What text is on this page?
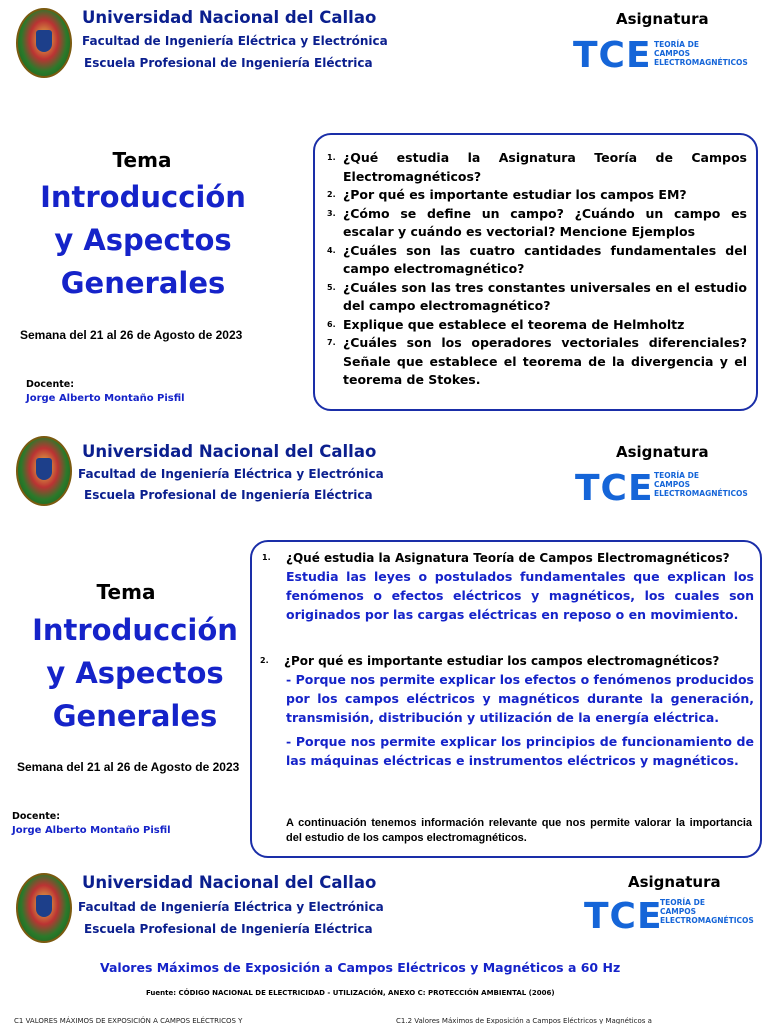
Universidad Nacional del Callao
Facultad de Ingeniería Eléctrica y Electrónica
Escuela Profesional de Ingeniería Eléctrica
Asignatura
TCE TEORÍA DE
CAMPOS
ELECTROMAGNÉTICOS
Tema
Introducción
y Aspectos
Generales
Semana del 21 al 26 de Agosto de 2023
Docente:
Jorge Alberto Montaño Pisfil
1. ¿Qué estudia la Asignatura Teoría de Campos Electromagnéticos?
2. ¿Por qué es importante estudiar los campos EM?
3. ¿Cómo se define un campo? ¿Cuándo un campo es escalar y cuándo es vectorial? Mencione Ejemplos
4. ¿Cuáles son las cuatro cantidades fundamentales del campo electromagnético?
5. ¿Cuáles son las tres constantes universales en el estudio del campo electromagnético?
6. Explique que establece el teorema de Helmholtz
7. ¿Cuáles son los operadores vectoriales diferenciales? Señale que establece el teorema de la divergencia y el teorema de Stokes.
Universidad Nacional del Callao
Facultad de Ingeniería Eléctrica y Electrónica
Escuela Profesional de Ingeniería Eléctrica
Asignatura
TCE TEORÍA DE
CAMPOS
ELECTROMAGNÉTICOS
Tema
Introducción
y Aspectos
Generales
Semana del 21 al 26 de Agosto de 2023
Docente:
Jorge Alberto Montaño Pisfil
1. ¿Qué estudia la Asignatura Teoría de Campos Electromagnéticos?
Estudia las leyes o postulados fundamentales que explican los fenómenos o efectos eléctricos y magnéticos, los cuales son originados por las cargas eléctricas en reposo o en movimiento.
2. ¿Por qué es importante estudiar los campos electromagnéticos?
- Porque nos permite explicar los efectos o fenómenos producidos por los campos eléctricos y magnéticos durante la generación, transmisión, distribución y utilización de la energía eléctrica.
- Porque nos permite explicar los principios de funcionamiento de las máquinas eléctricas e instrumentos eléctricos y magnéticos.
A continuación tenemos información relevante que nos permite valorar la importancia del estudio de los campos electromagnéticos.
Universidad Nacional del Callao
Facultad de Ingeniería Eléctrica y Electrónica
Escuela Profesional de Ingeniería Eléctrica
Asignatura
TCE
TEORÍA DE
CAMPOS
ELECTROMAGNÉTICOS
Valores Máximos de Exposición a Campos Eléctricos y Magnéticos a 60 Hz
Fuente: CÓDIGO NACIONAL DE ELECTRICIDAD - UTILIZACIÓN, ANEXO C: PROTECCIÓN AMBIENTAL (2006)
C1 VALORES MÁXIMOS DE EXPOSICIÓN A CAMPOS ELÉCTRICOS Y	C1.2 Valores Máximos de Exposición a Campos Eléctricos y Magnéticos a
